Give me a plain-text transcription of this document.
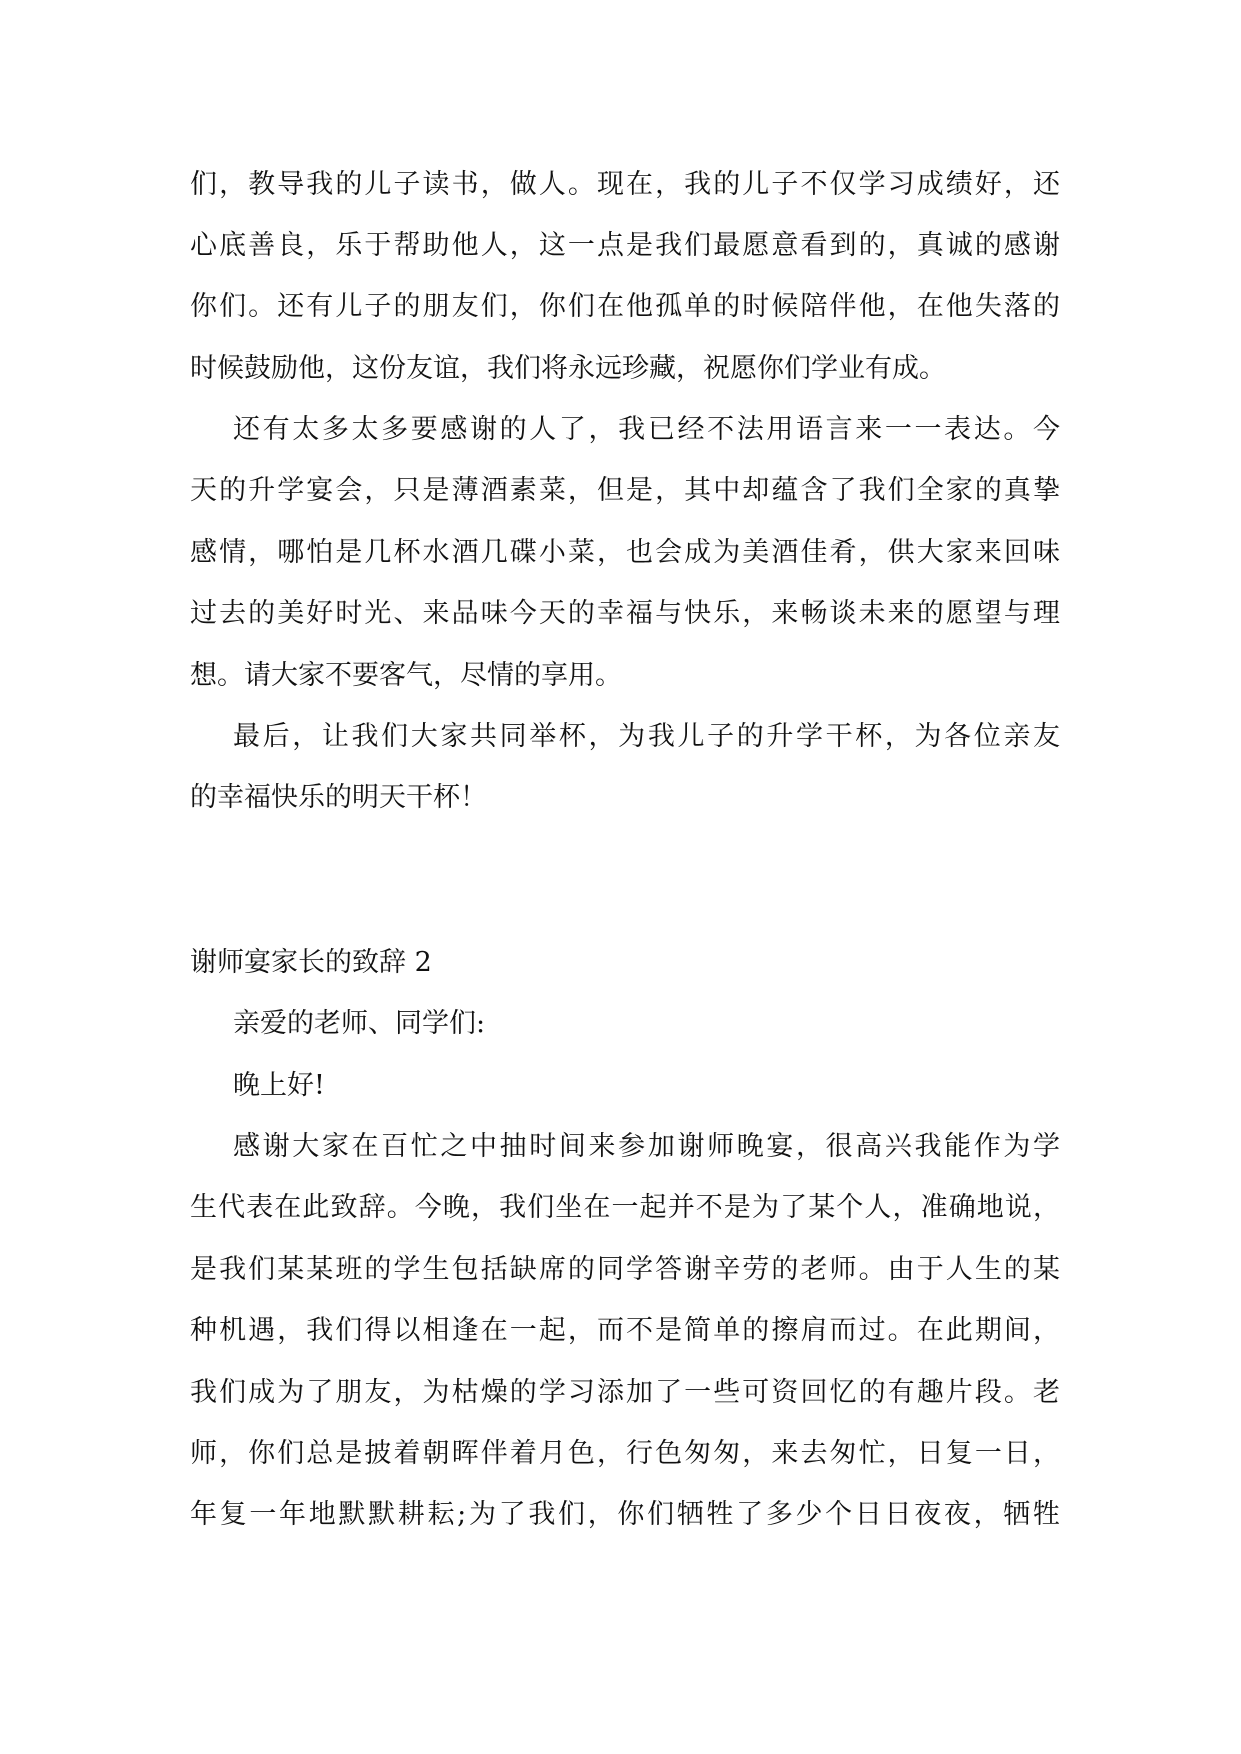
们，教导我的儿子读书，做人。现在，我的儿子不仅学习成绩好，还
心底善良，乐于帮助他人，这一点是我们最愿意看到的，真诚的感谢
你们。还有儿子的朋友们，你们在他孤单的时候陪伴他，在他失落的
时候鼓励他，这份友谊，我们将永远珍藏，祝愿你们学业有成。
还有太多太多要感谢的人了，我已经不法用语言来一一表达。今
天的升学宴会，只是薄酒素菜，但是，其中却蕴含了我们全家的真挚
感情，哪怕是几杯水酒几碟小菜，也会成为美酒佳肴，供大家来回味
过去的美好时光、来品味今天的幸福与快乐，来畅谈未来的愿望与理
想。请大家不要客气，尽情的享用。
最后，让我们大家共同举杯，为我儿子的升学干杯，为各位亲友
的幸福快乐的明天干杯！
谢师宴家长的致辞 2
亲爱的老师、同学们:
晚上好!
感谢大家在百忙之中抽时间来参加谢师晚宴，很高兴我能作为学
生代表在此致辞。今晚，我们坐在一起并不是为了某个人，准确地说，
是我们某某班的学生包括缺席的同学答谢辛劳的老师。由于人生的某
种机遇，我们得以相逢在一起，而不是简单的擦肩而过。在此期间，
我们成为了朋友，为枯燥的学习添加了一些可资回忆的有趣片段。老
师，你们总是披着朝晖伴着月色，行色匆匆，来去匆忙，日复一日，
年复一年地默默耕耘;为了我们，你们牺牲了多少个日日夜夜，牺牲
